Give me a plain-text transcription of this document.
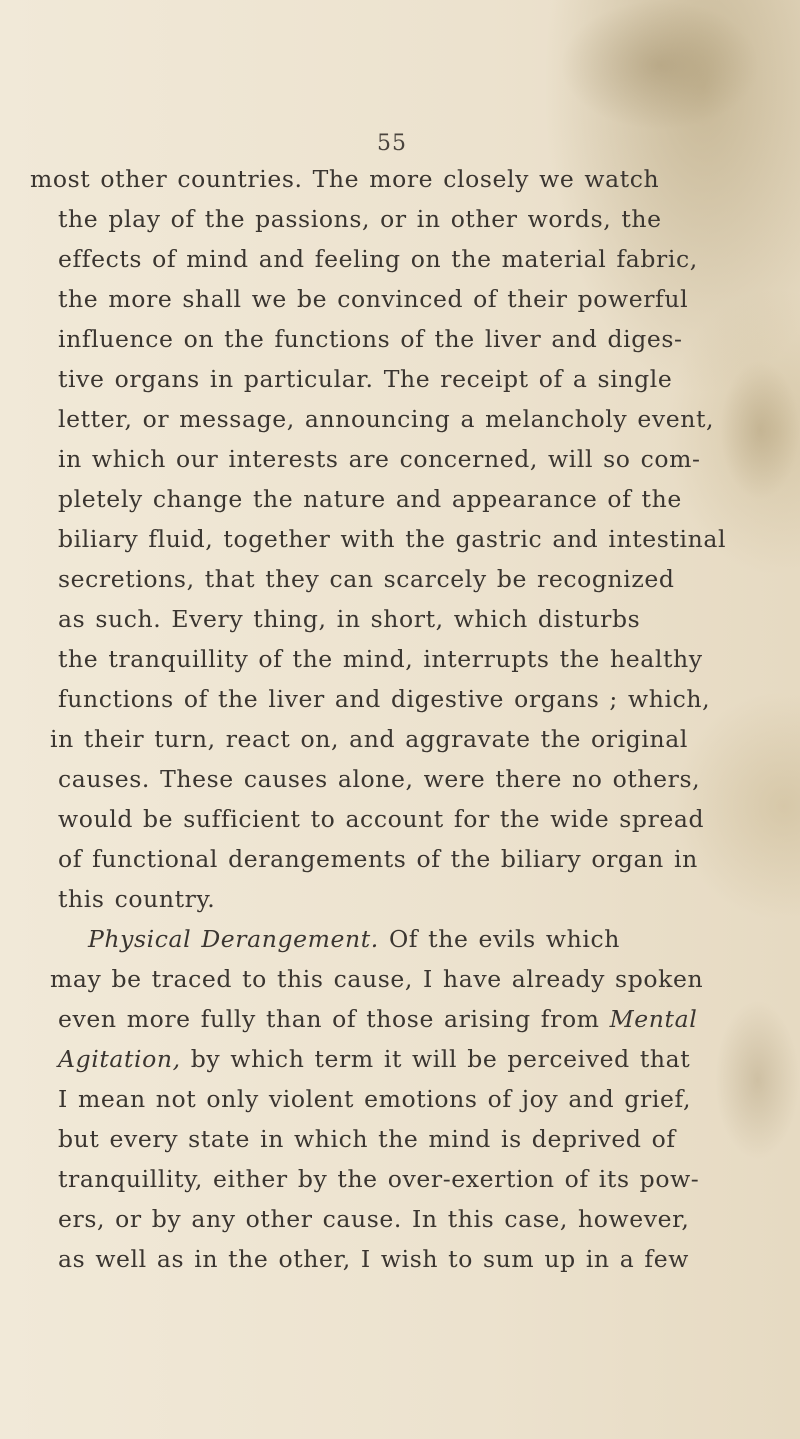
55
most other countries. The more closely we watch
the play of the passions, or in other words, the
effects of mind and feeling on the material fabric,
the more shall we be convinced of their powerful
influence on the functions of the liver and diges-
tive organs in particular. The receipt of a single
letter, or message, announcing a melancholy event,
in which our interests are concerned, will so com-
pletely change the nature and appearance of the
biliary fluid, together with the gastric and intestinal
secretions, that they can scarcely be recognized
as such. Every thing, in short, which disturbs
the tranquillity of the mind, interrupts the healthy
functions of the liver and digestive organs ; which,
in their turn, react on, and aggravate the original
causes. These causes alone, were there no others,
would be sufficient to account for the wide spread
of functional derangements of the biliary organ in
this country.
Physical Derangement. Of the evils which
may be traced to this cause, I have already spoken
even more fully than of those arising from Mental
Agitation, by which term it will be perceived that
I mean not only violent emotions of joy and grief,
but every state in which the mind is deprived of
tranquillity, either by the over-exertion of its pow-
ers, or by any other cause. In this case, however,
as well as in the other, I wish to sum up in a few
